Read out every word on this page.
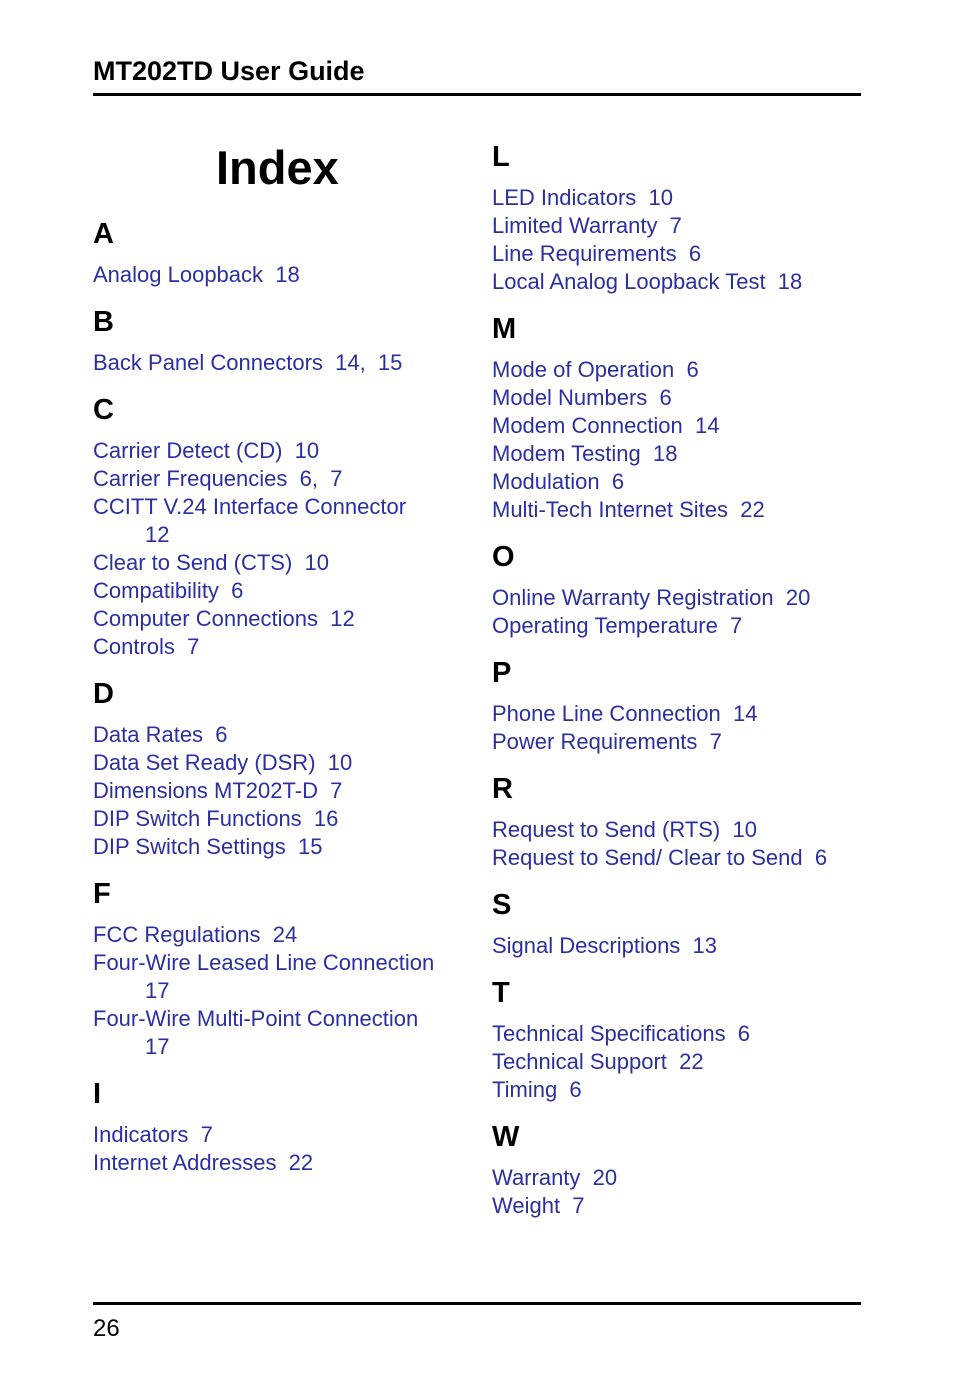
MT202TD User Guide
Index
A
Analog Loopback  18
B
Back Panel Connectors  14,  15
C
Carrier Detect (CD)  10
Carrier Frequencies  6,  7
CCITT V.24 Interface Connector
12
Clear to Send (CTS)  10
Compatibility  6
Computer Connections  12
Controls  7
D
Data Rates  6
Data Set Ready (DSR)  10
Dimensions MT202T-D  7
DIP Switch Functions  16
DIP Switch Settings  15
F
FCC Regulations  24
Four-Wire Leased Line Connection
17
Four-Wire Multi-Point Connection
17
I
Indicators  7
Internet Addresses  22
L
LED Indicators  10
Limited Warranty  7
Line Requirements  6
Local Analog Loopback Test  18
M
Mode of Operation  6
Model Numbers  6
Modem Connection  14
Modem Testing  18
Modulation  6
Multi-Tech Internet Sites  22
O
Online Warranty Registration  20
Operating Temperature  7
P
Phone Line Connection  14
Power Requirements  7
R
Request to Send (RTS)  10
Request to Send/ Clear to Send  6
S
Signal Descriptions  13
T
Technical Specifications  6
Technical Support  22
Timing  6
W
Warranty  20
Weight  7
26
